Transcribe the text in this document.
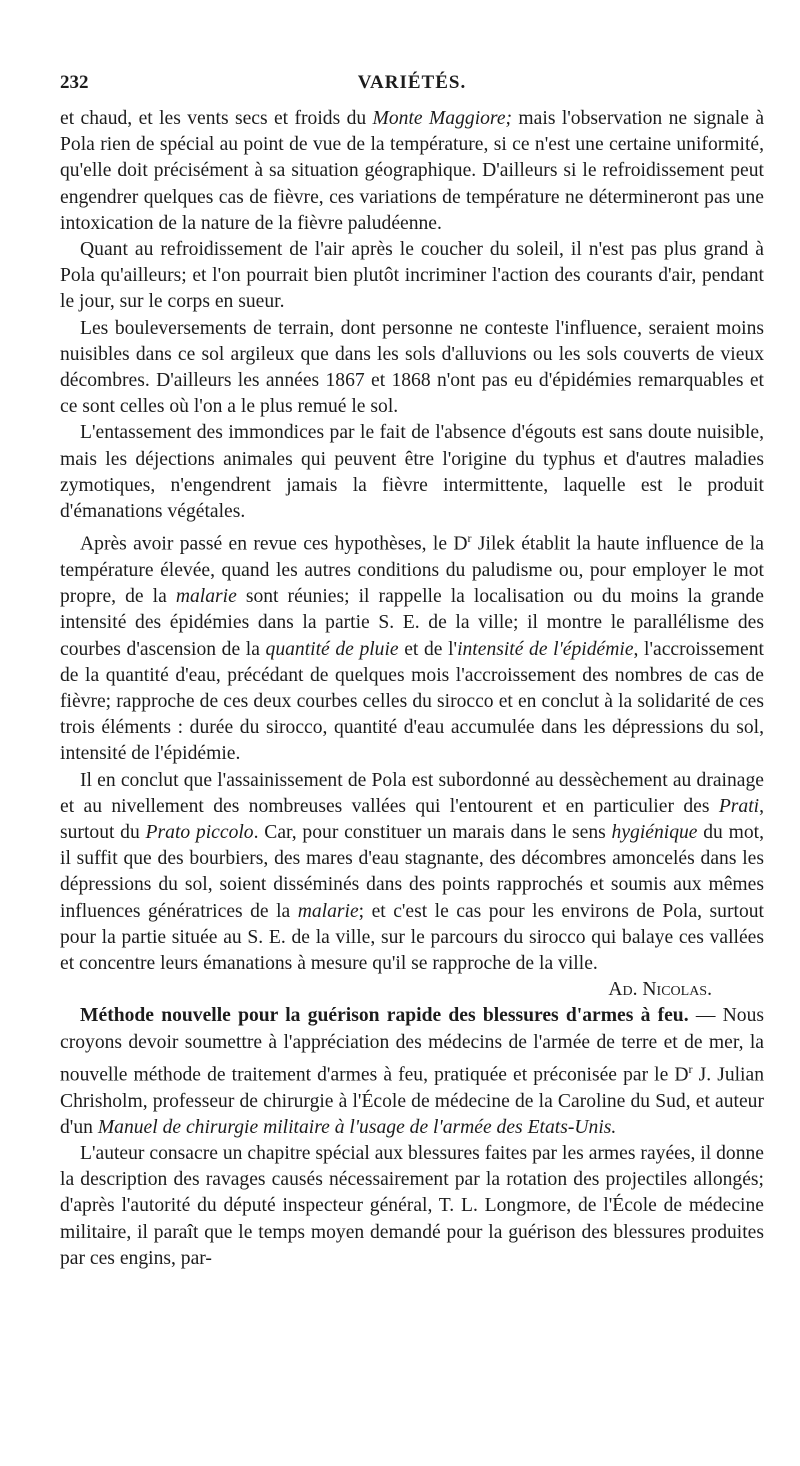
232	VARIÉTÉS.

et chaud, et les vents secs et froids du Monte Maggiore; mais l'observation ne signale à Pola rien de spécial au point de vue de la température, si ce n'est une certaine uniformité, qu'elle doit précisément à sa situation géographique. D'ailleurs si le refroidissement peut engendrer quelques cas de fièvre, ces variations de température ne détermineront pas une intoxication de la nature de la fièvre paludéenne.

Quant au refroidissement de l'air après le coucher du soleil, il n'est pas plus grand à Pola qu'ailleurs; et l'on pourrait bien plutôt incriminer l'action des courants d'air, pendant le jour, sur le corps en sueur.

Les bouleversements de terrain, dont personne ne conteste l'influence, seraient moins nuisibles dans ce sol argileux que dans les sols d'alluvions ou les sols couverts de vieux décombres. D'ailleurs les années 1867 et 1868 n'ont pas eu d'épidémies remarquables et ce sont celles où l'on a le plus remué le sol.

L'entassement des immondices par le fait de l'absence d'égouts est sans doute nuisible, mais les déjections animales qui peuvent être l'origine du typhus et d'autres maladies zymotiques, n'engendrent jamais la fièvre intermittente, laquelle est le produit d'émanations végétales.

Après avoir passé en revue ces hypothèses, le $D^r$ Jilek établit la haute influence de la température élevée, quand les autres conditions du paludisme ou, pour employer le mot propre, de la malarie sont réunies; il rappelle la localisation ou du moins la grande intensité des épidémies dans la partie S. E. de la ville; il montre le parallélisme des courbes d'ascension de la quantité de pluie et de l'intensité de l'épidémie, l'accroissement de la quantité d'eau, précédant de quelques mois l'accroissement des nombres de cas de fièvre; rapproche de ces deux courbes celles du sirocco et en conclut à la solidarité de ces trois éléments : durée du sirocco, quantité d'eau accumulée dans les dépressions du sol, intensité de l'épidémie.

Il en conclut que l'assainissement de Pola est subordonné au dessèchement au drainage et au nivellement des nombreuses vallées qui l'entourent et en particulier des Prati, surtout du Prato piccolo. Car, pour constituer un marais dans le sens hygiénique du mot, il suffit que des bourbiers, des mares d'eau stagnante, des décombres amoncelés dans les dépressions du sol, soient disséminés dans des points rapprochés et soumis aux mêmes influences génératrices de la malarie; et c'est le cas pour les environs de Pola, surtout pour la partie située au S. E. de la ville, sur le parcours du sirocco qui balaye ces vallées et concentre leurs émanations à mesure qu'il se rapproche de la ville.

Ad. Nicolas.

Méthode nouvelle pour la guérison rapide des blessures d'armes à feu. — Nous croyons devoir soumettre à l'appréciation des médecins de l'armée de terre et de mer, la nouvelle méthode de traitement d'armes à feu, pratiquée et préconisée par le $D^r$ J. Julian Chrisholm, professeur de chirurgie à l'École de médecine de la Caroline du Sud, et auteur d'un Manuel de chirurgie militaire à l'usage de l'armée des Etats-Unis.

L'auteur consacre un chapitre spécial aux blessures faites par les armes rayées, il donne la description des ravages causés nécessairement par la rotation des projectiles allongés; d'après l'autorité du député inspecteur général, T. L. Longmore, de l'École de médecine militaire, il paraît que le temps moyen demandé pour la guérison des blessures produites par ces engins, par-
